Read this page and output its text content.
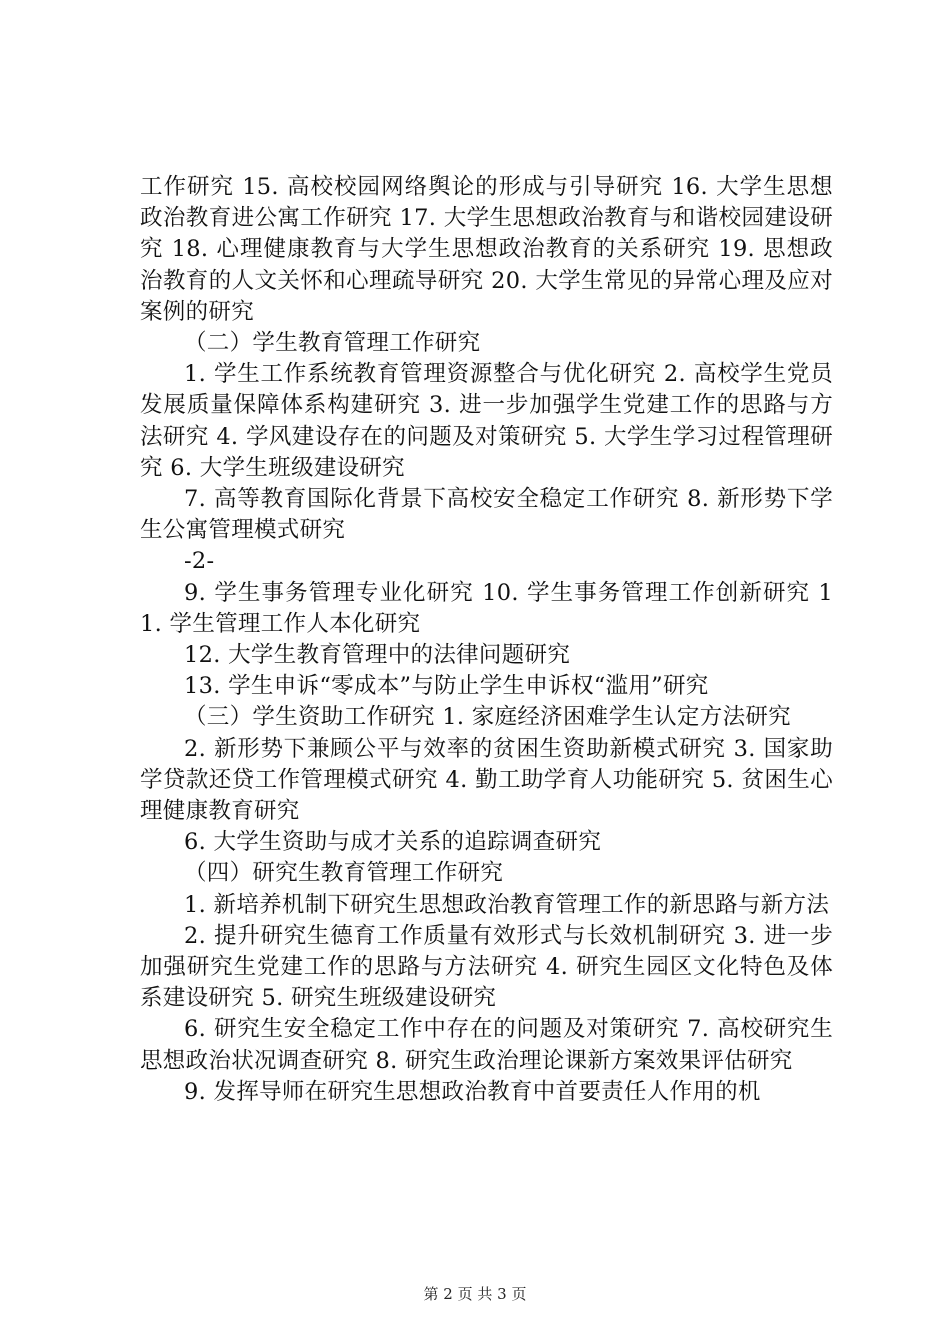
工作研究 15. 高校校园网络舆论的形成与引导研究 16. 大学生思想政治教育进公寓工作研究 17. 大学生思想政治教育与和谐校园建设研究 18. 心理健康教育与大学生思想政治教育的关系研究 19. 思想政治教育的人文关怀和心理疏导研究 20. 大学生常见的异常心理及应对案例的研究

（二）学生教育管理工作研究

1. 学生工作系统教育管理资源整合与优化研究 2. 高校学生党员发展质量保障体系构建研究 3. 进一步加强学生党建工作的思路与方法研究 4. 学风建设存在的问题及对策研究 5. 大学生学习过程管理研究 6. 大学生班级建设研究

7. 高等教育国际化背景下高校安全稳定工作研究 8. 新形势下学生公寓管理模式研究

-2-

9. 学生事务管理专业化研究 10. 学生事务管理工作创新研究 11. 学生管理工作人本化研究

12. 大学生教育管理中的法律问题研究

13. 学生申诉“零成本”与防止学生申诉权“滥用”研究

（三）学生资助工作研究 1. 家庭经济困难学生认定方法研究

2. 新形势下兼顾公平与效率的贫困生资助新模式研究 3. 国家助学贷款还贷工作管理模式研究 4. 勤工助学育人功能研究 5. 贫困生心理健康教育研究

6. 大学生资助与成才关系的追踪调查研究

（四）研究生教育管理工作研究

1. 新培养机制下研究生思想政治教育管理工作的新思路与新方法

2. 提升研究生德育工作质量有效形式与长效机制研究 3. 进一步加强研究生党建工作的思路与方法研究 4. 研究生园区文化特色及体系建设研究 5. 研究生班级建设研究

6. 研究生安全稳定工作中存在的问题及对策研究 7. 高校研究生思想政治状况调查研究 8. 研究生政治理论课新方案效果评估研究

9. 发挥导师在研究生思想政治教育中首要责任人作用的机

第 2 页 共 3 页
